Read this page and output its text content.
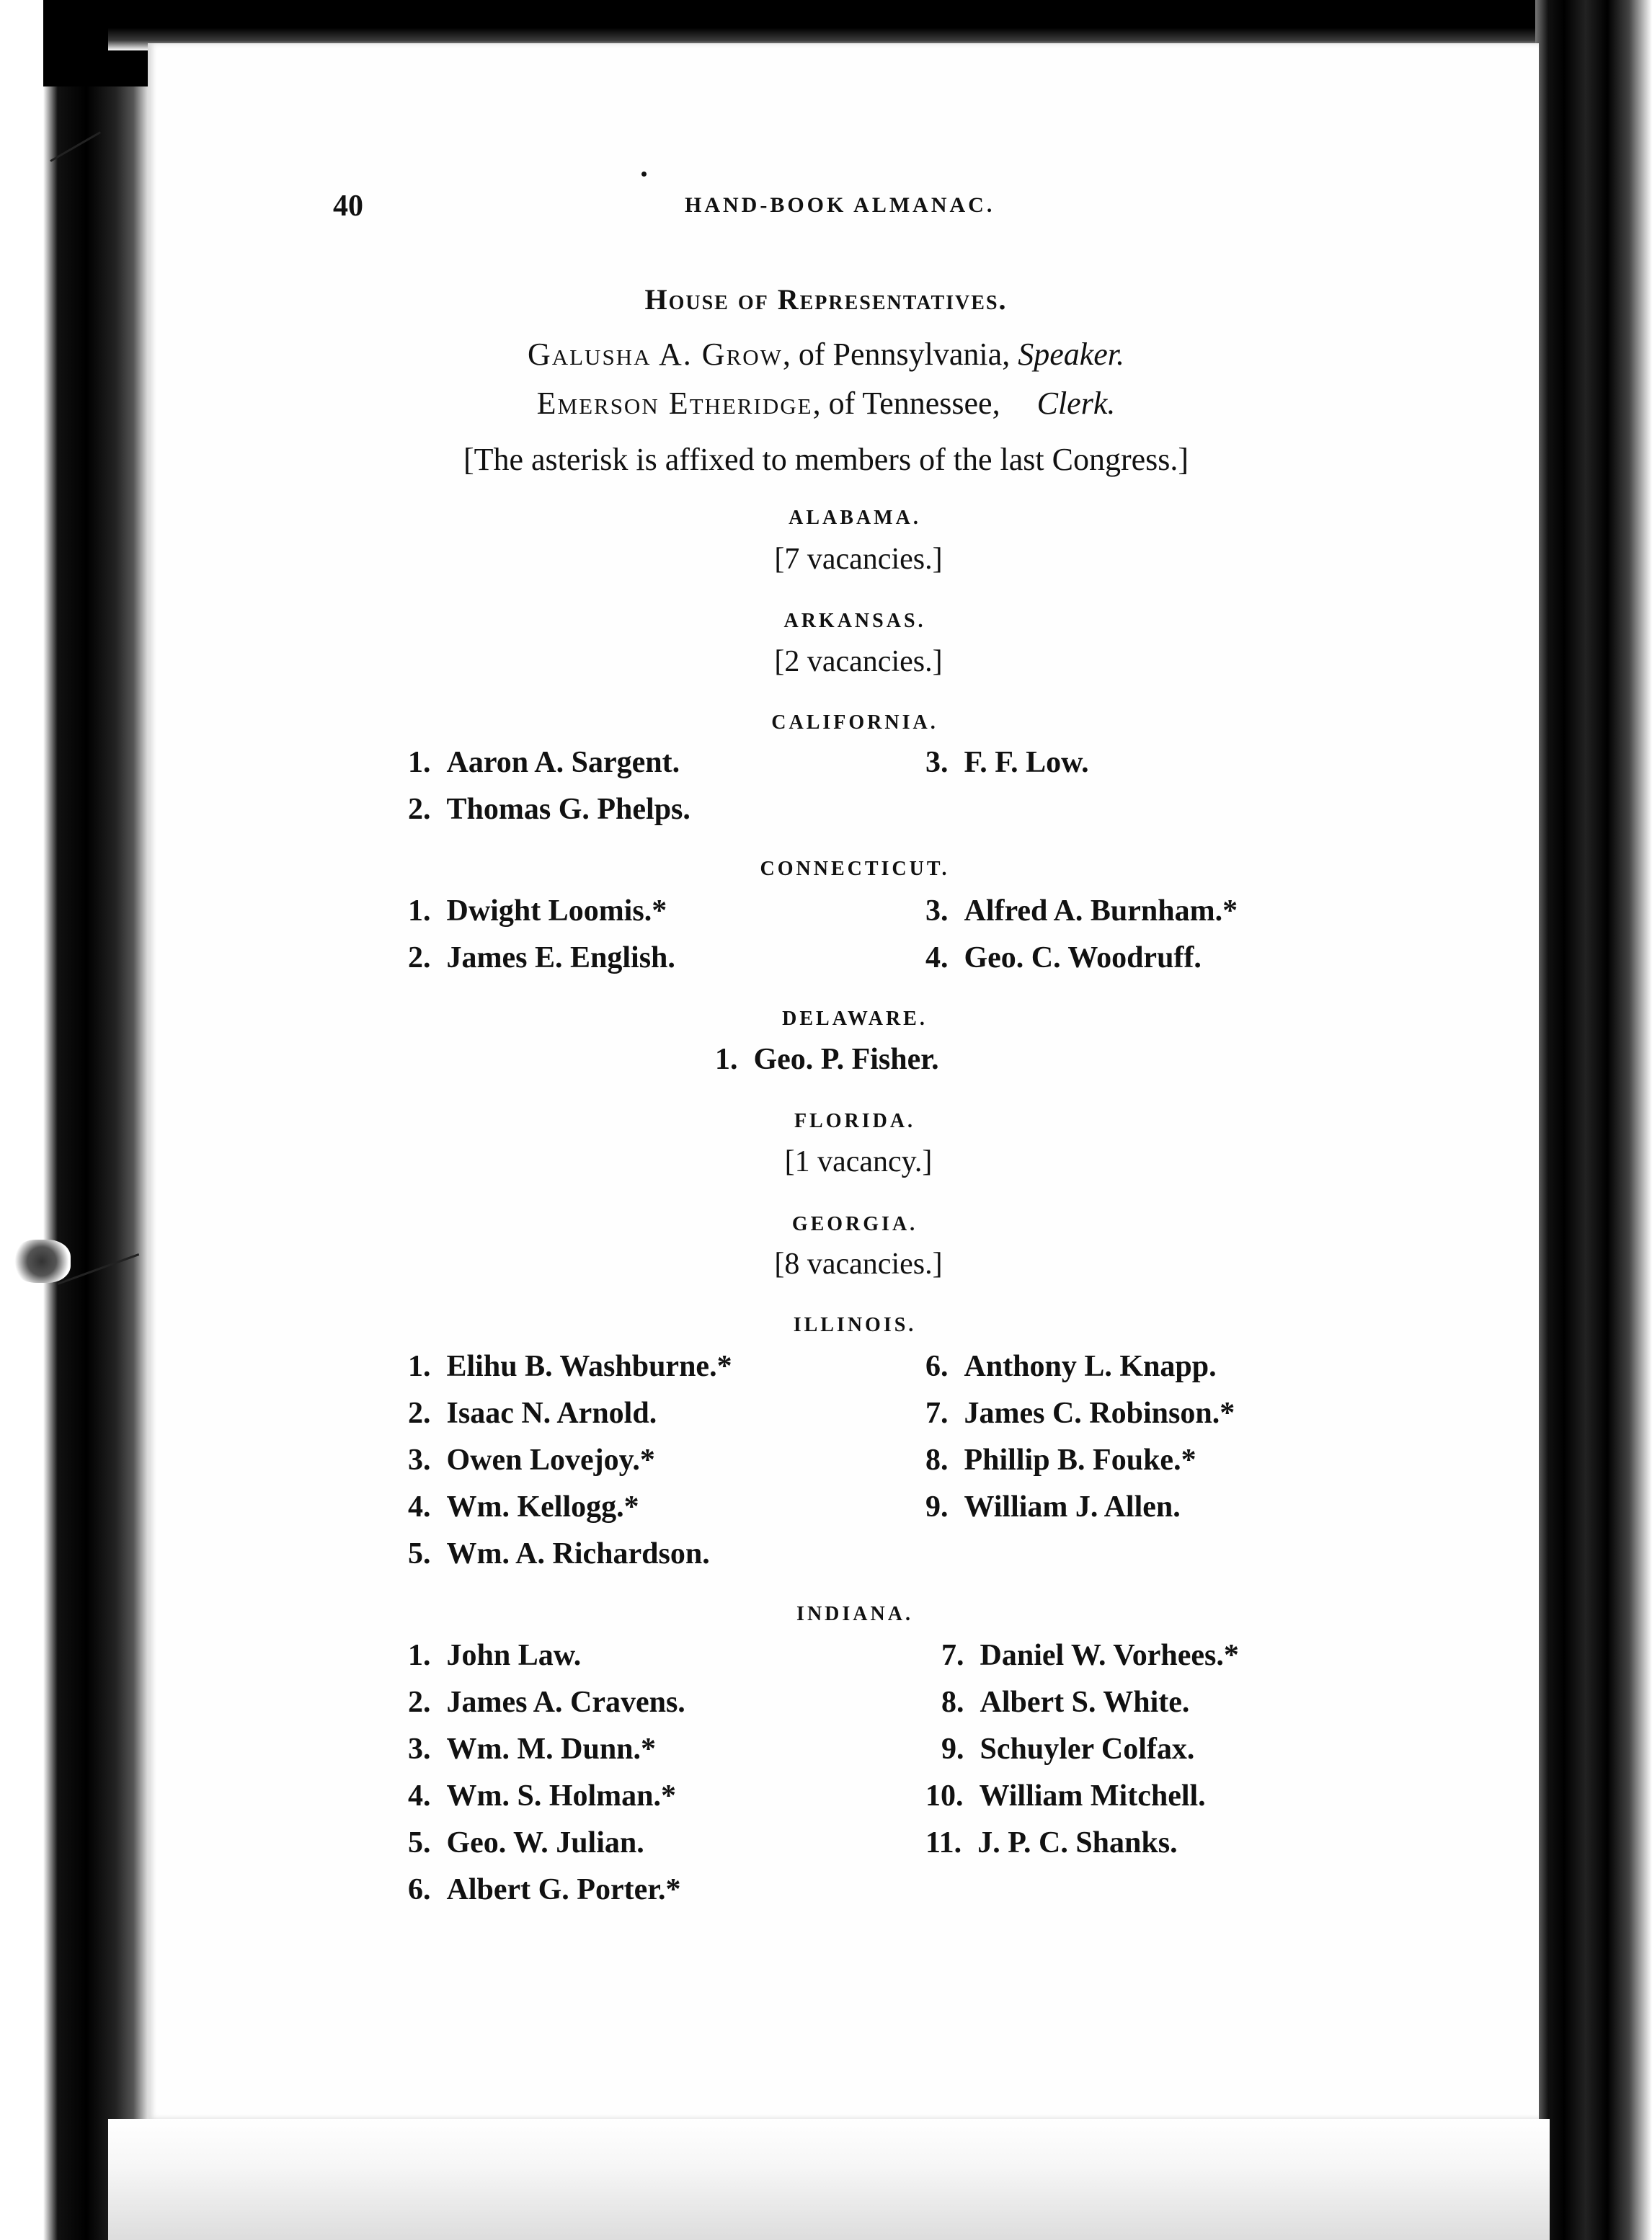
40	HAND-BOOK ALMANAC.
House of Representatives.
Galusha A. Grow, of Pennsylvania, Speaker.
Emerson Etheridge, of Tennessee, Clerk.
[The asterisk is affixed to members of the last Congress.]
ALABAMA.
[7 vacancies.]
ARKANSAS.
[2 vacancies.]
CALIFORNIA.
1. Aaron A. Sargent.
2. Thomas G. Phelps.
3. F. F. Low.
CONNECTICUT.
1. Dwight Loomis.*
2. James E. English.
3. Alfred A. Burnham.*
4. Geo. C. Woodruff.
DELAWARE.
1. Geo. P. Fisher.
FLORIDA.
[1 vacancy.]
GEORGIA.
[8 vacancies.]
ILLINOIS.
1. Elihu B. Washburne.*
2. Isaac N. Arnold.
3. Owen Lovejoy.*
4. Wm. Kellogg.*
5. Wm. A. Richardson.
6. Anthony L. Knapp.
7. James C. Robinson.*
8. Phillip B. Fouke.*
9. William J. Allen.
INDIANA.
1. John Law.
2. James A. Cravens.
3. Wm. M. Dunn.*
4. Wm. S. Holman.*
5. Geo. W. Julian.
6. Albert G. Porter.*
7. Daniel W. Vorhees.*
8. Albert S. White.
9. Schuyler Colfax.
10. William Mitchell.
11. J. P. C. Shanks.
